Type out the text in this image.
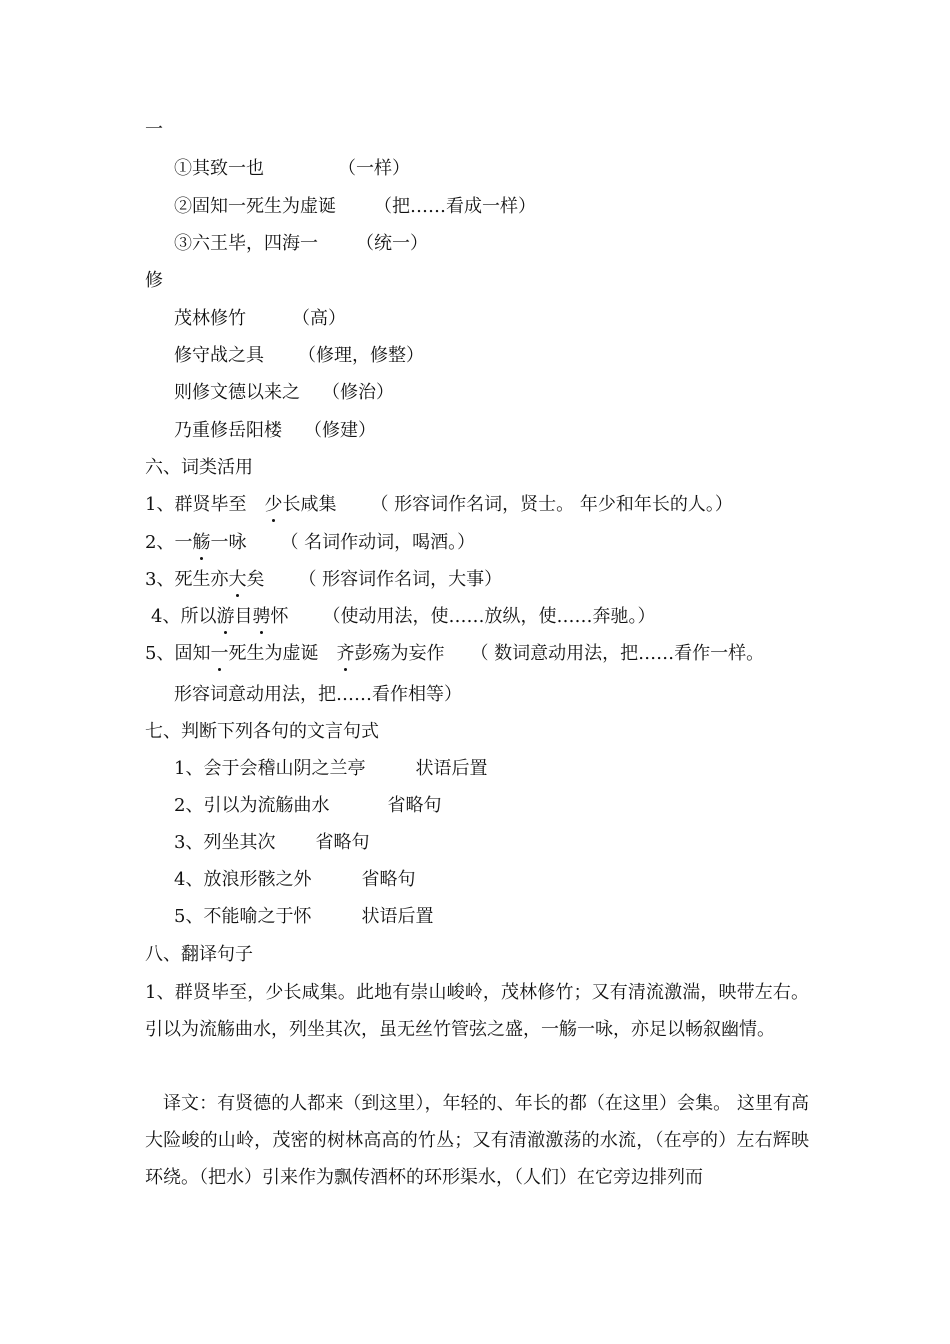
一
①其致一也	（一样）
②固知一死生为虚诞 （把……看成一样）
③六王毕，四海一 （统一）
修
茂林修竹	（高）
修守战之具 （修理，修整）
则修文德以来之 （修治）
乃重修岳阳楼 （修建）
六、词类活用
1、群贤毕至 少长咸集 （ 形容词作名词，贤士。 年少和年长的人。）
2、一觞一咏 （ 名词作动词，喝酒。）
3、死生亦大矣 （ 形容词作名词，大事）
4、所以游目骋怀 （使动用法，使……放纵，使……奔驰。）
5、固知一死生为虚诞 齐彭殇为妄作 （ 数词意动用法，把……看作一样。
形容词意动用法，把……看作相等）
七、判断下列各句的文言句式
1、会于会稽山阴之兰亭	状语后置
2、引以为流觞曲水	省略句
3、列坐其次 省略句
4、放浪形骸之外	省略句
5、不能喻之于怀	状语后置
八、翻译句子
1、群贤毕至，少长咸集。此地有崇山峻岭，茂林修竹；又有清流激湍，映带左右。引以为流觞曲水，列坐其次，虽无丝竹管弦之盛，一觞一咏，亦足以畅叙幽情。
译文：有贤德的人都来（到这里），年轻的、年长的都（在这里）会集。 这里有高大险峻的山岭，茂密的树林高高的竹丛；又有清澈激荡的水流，（在亭的）左右辉映环绕。（把水）引来作为飘传酒杯的环形渠水，（人们）在它旁边排列而
